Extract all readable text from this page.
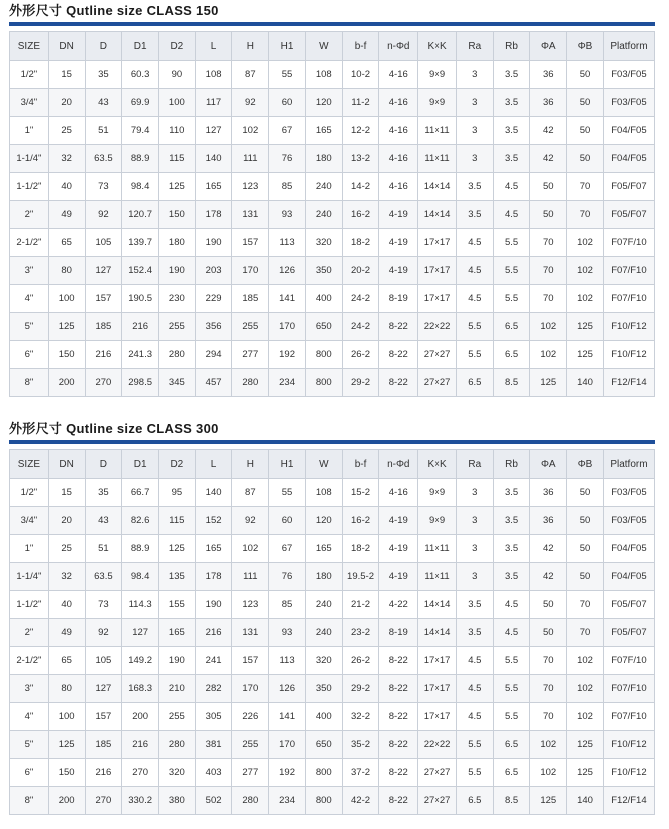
外形尺寸 Qutline size CLASS 150
SIZE	DN	D	D1	D2	L	H	H1	W	b-f	n-Φd	K×K	Ra	Rb	ΦA	ΦB	Platform
1/2"	15	35	60.3	90	108	87	55	108	10-2	4-16	9×9	3	3.5	36	50	F03/F05
3/4"	20	43	69.9	100	117	92	60	120	11-2	4-16	9×9	3	3.5	36	50	F03/F05
1"	25	51	79.4	110	127	102	67	165	12-2	4-16	11×11	3	3.5	42	50	F04/F05
1-1/4"	32	63.5	88.9	115	140	111	76	180	13-2	4-16	11×11	3	3.5	42	50	F04/F05
1-1/2"	40	73	98.4	125	165	123	85	240	14-2	4-16	14×14	3.5	4.5	50	70	F05/F07
2"	49	92	120.7	150	178	131	93	240	16-2	4-19	14×14	3.5	4.5	50	70	F05/F07
2-1/2"	65	105	139.7	180	190	157	113	320	18-2	4-19	17×17	4.5	5.5	70	102	F07F/10
3"	80	127	152.4	190	203	170	126	350	20-2	4-19	17×17	4.5	5.5	70	102	F07/F10
4"	100	157	190.5	230	229	185	141	400	24-2	8-19	17×17	4.5	5.5	70	102	F07/F10
5"	125	185	216	255	356	255	170	650	24-2	8-22	22×22	5.5	6.5	102	125	F10/F12
6"	150	216	241.3	280	294	277	192	800	26-2	8-22	27×27	5.5	6.5	102	125	F10/F12
8"	200	270	298.5	345	457	280	234	800	29-2	8-22	27×27	6.5	8.5	125	140	F12/F14
外形尺寸 Qutline size CLASS 300
SIZE	DN	D	D1	D2	L	H	H1	W	b-f	n-Φd	K×K	Ra	Rb	ΦA	ΦB	Platform
1/2"	15	35	66.7	95	140	87	55	108	15-2	4-16	9×9	3	3.5	36	50	F03/F05
3/4"	20	43	82.6	115	152	92	60	120	16-2	4-19	9×9	3	3.5	36	50	F03/F05
1"	25	51	88.9	125	165	102	67	165	18-2	4-19	11×11	3	3.5	42	50	F04/F05
1-1/4"	32	63.5	98.4	135	178	111	76	180	19.5-2	4-19	11×11	3	3.5	42	50	F04/F05
1-1/2"	40	73	114.3	155	190	123	85	240	21-2	4-22	14×14	3.5	4.5	50	70	F05/F07
2"	49	92	127	165	216	131	93	240	23-2	8-19	14×14	3.5	4.5	50	70	F05/F07
2-1/2"	65	105	149.2	190	241	157	113	320	26-2	8-22	17×17	4.5	5.5	70	102	F07F/10
3"	80	127	168.3	210	282	170	126	350	29-2	8-22	17×17	4.5	5.5	70	102	F07/F10
4"	100	157	200	255	305	226	141	400	32-2	8-22	17×17	4.5	5.5	70	102	F07/F10
5"	125	185	216	280	381	255	170	650	35-2	8-22	22×22	5.5	6.5	102	125	F10/F12
6"	150	216	270	320	403	277	192	800	37-2	8-22	27×27	5.5	6.5	102	125	F10/F12
8"	200	270	330.2	380	502	280	234	800	42-2	8-22	27×27	6.5	8.5	125	140	F12/F14
